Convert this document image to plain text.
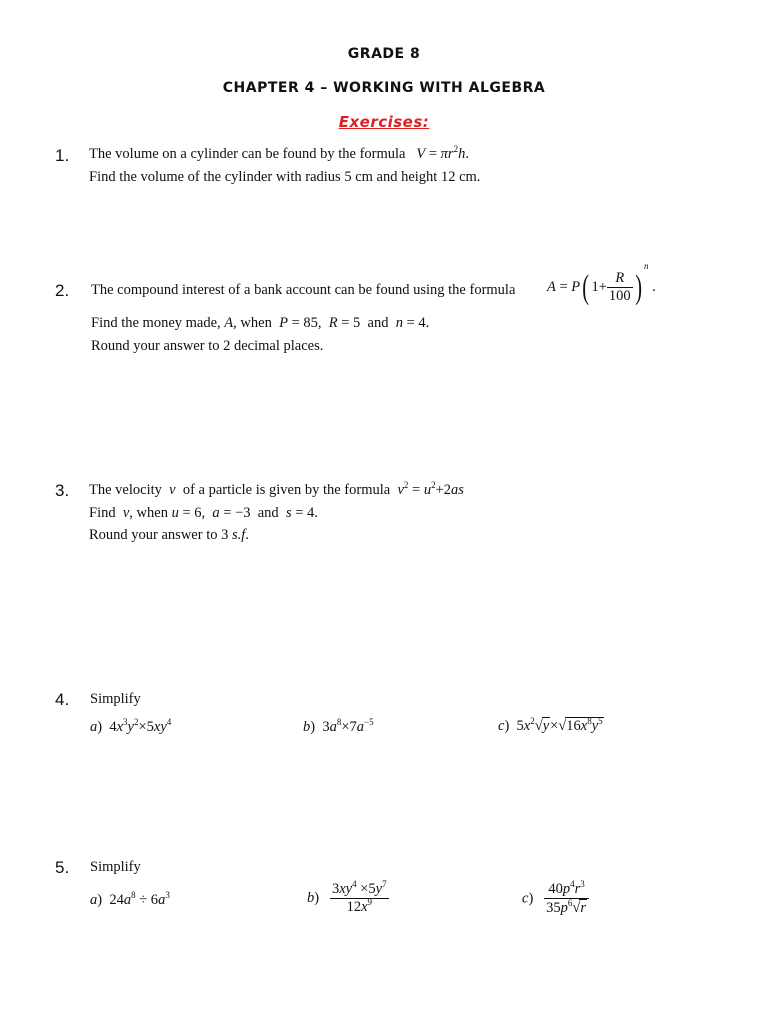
GRADE 8
CHAPTER 4 – WORKING WITH ALGEBRA
Exercises:
1. The volume on a cylinder can be found by the formula $V = \pi r^2h$.
Find the volume of the cylinder with radius 5 cm and height 12 cm.
2. The compound interest of a bank account can be found using the formula A = P( $1+ \frac{R}{100} )^n$ .
Find the money made, A, when P = 85,  R = 5  and n = 4.
Round your answer to 2 decimal places.
3. The velocity v of a particle is given by the formula $v^2 = u^2+2as$
Find v, when u = 6,  a = −3  and s = 4.
Round your answer to 3 s.f.
4. Simplify
a)  $4x^3y^2\times 5xy^4$	b)  $3a^8\times 7a^{-5}$	c)  $5x^2√y\times√16x^8y^5$
5. Simplify
a)  $24a^8 \div 6a^3$	$b) \frac{3xy^4 \times 5y^7}{12x^9}$	$c) \frac{40p^4r^3}{35p^6√r}$
